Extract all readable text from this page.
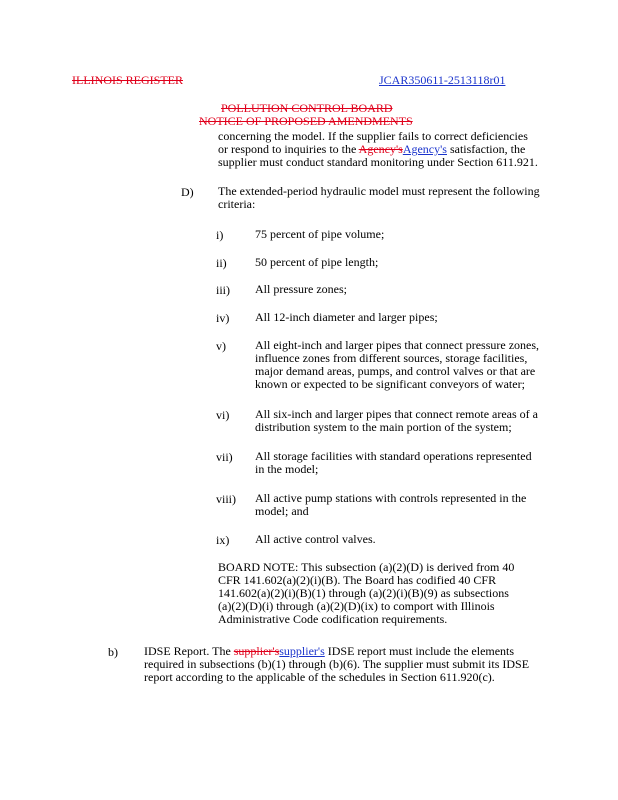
ILLINOIS REGISTER	JCAR350611-2513118r01
POLLUTION CONTROL BOARD
NOTICE OF PROPOSED AMENDMENTS
concerning the model. If the supplier fails to correct deficiencies
or respond to inquiries to the Agency'sAgency's satisfaction, the
supplier must conduct standard monitoring under Section 611.921.
D) The extended-period hydraulic model must represent the following
criteria:
i)	75 percent of pipe volume;
ii) 50 percent of pipe length;
iii) All pressure zones;
iv) All 12-inch diameter and larger pipes;
v) All eight-inch and larger pipes that connect pressure zones,
influence zones from different sources, storage facilities,
major demand areas, pumps, and control valves or that are
known or expected to be significant conveyors of water;
vi) All six-inch and larger pipes that connect remote areas of a
distribution system to the main portion of the system;
vii) All storage facilities with standard operations represented
in the model;
viii) All active pump stations with controls represented in the
model; and
ix) All active control valves.
BOARD NOTE: This subsection (a)(2)(D) is derived from 40
CFR 141.602(a)(2)(i)(B). The Board has codified 40 CFR
141.602(a)(2)(i)(B)(1) through (a)(2)(i)(B)(9) as subsections
(a)(2)(D)(i) through (a)(2)(D)(ix) to comport with Illinois
Administrative Code codification requirements.
b) IDSE Report. The supplier'ssupplier's IDSE report must include the elements
required in subsections (b)(1) through (b)(6). The supplier must submit its IDSE
report according to the applicable of the schedules in Section 611.920(c).
